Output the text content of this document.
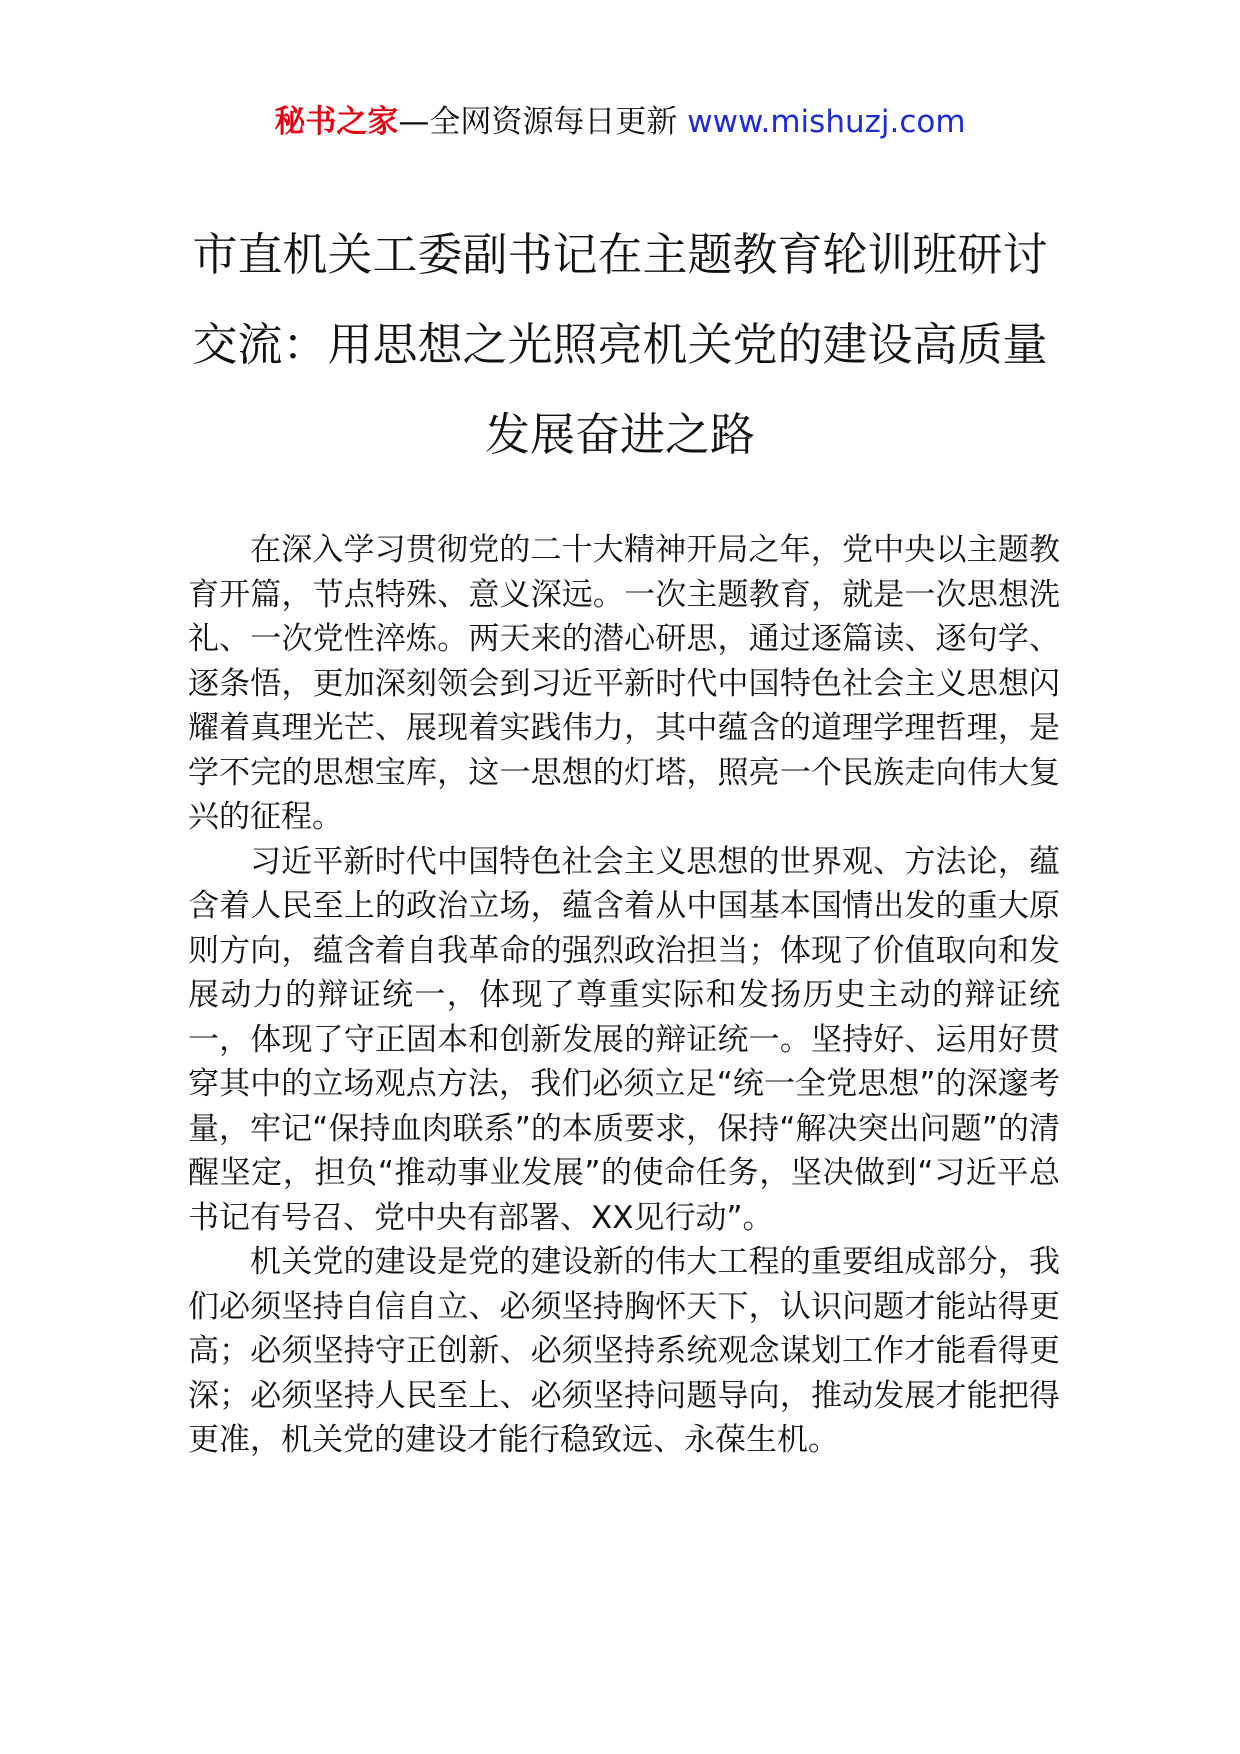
秘书之家—全网资源每日更新 www.mishuzj.com
市直机关工委副书记在主题教育轮训班研讨交流：用思想之光照亮机关党的建设高质量发展奋进之路

在深入学习贯彻党的二十大精神开局之年，党中央以主题教育开篇，节点特殊、意义深远。一次主题教育，就是一次思想洗礼、一次党性淬炼。两天来的潜心研思，通过逐篇读、逐句学、逐条悟，更加深刻领会到习近平新时代中国特色社会主义思想闪耀着真理光芒、展现着实践伟力，其中蕴含的道理学理哲理，是学不完的思想宝库，这一思想的灯塔，照亮一个民族走向伟大复兴的征程。

习近平新时代中国特色社会主义思想的世界观、方法论，蕴含着人民至上的政治立场，蕴含着从中国基本国情出发的重大原则方向，蕴含着自我革命的强烈政治担当；体现了价值取向和发展动力的辩证统一，体现了尊重实际和发扬历史主动的辩证统一，体现了守正固本和创新发展的辩证统一。坚持好、运用好贯穿其中的立场观点方法，我们必须立足“统一全党思想”的深邃考量，牢记“保持血肉联系”的本质要求，保持“解决突出问题”的清醒坚定，担负“推动事业发展”的使命任务，坚决做到“习近平总书记有号召、党中央有部署、XX见行动”。

机关党的建设是党的建设新的伟大工程的重要组成部分，我们必须坚持自信自立、必须坚持胸怀天下，认识问题才能站得更高；必须坚持守正创新、必须坚持系统观念谋划工作才能看得更深；必须坚持人民至上、必须坚持问题导向，推动发展才能把得更准，机关党的建设才能行稳致远、永葆生机。
